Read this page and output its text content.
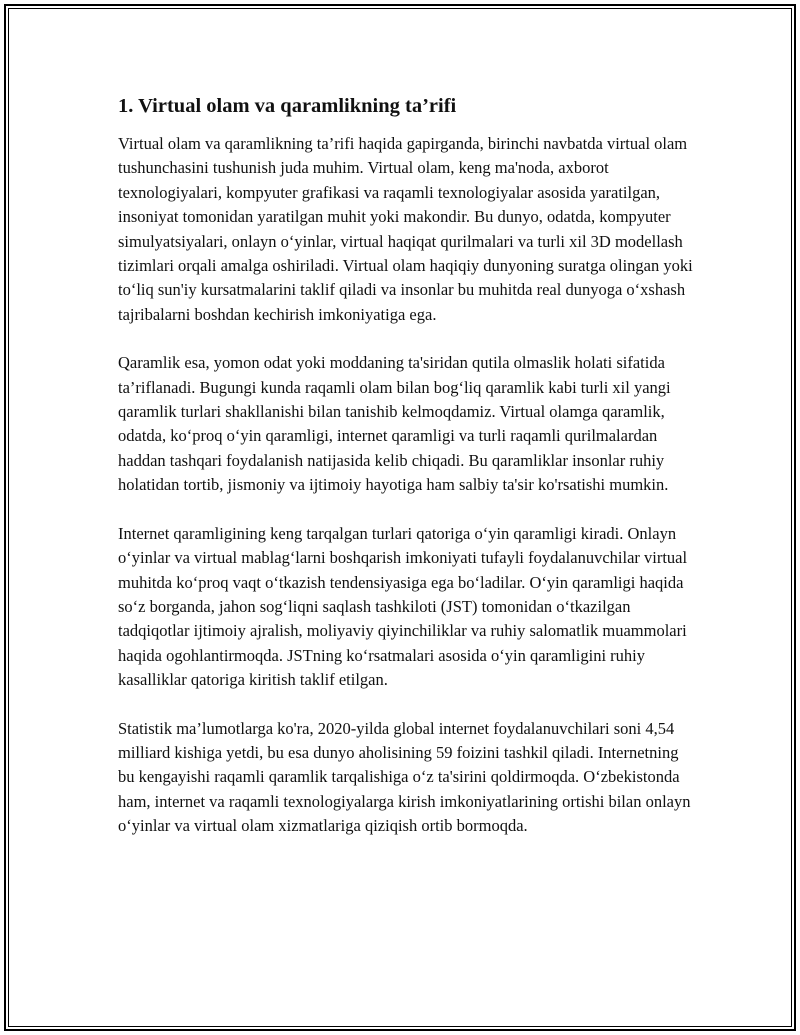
1. Virtual olam va qaramlikning ta’rifi

Virtual olam va qaramlikning ta’rifi haqida gapirganda, birinchi navbatda virtual olam tushunchasini tushunish juda muhim. Virtual olam, keng ma'noda, axborot texnologiyalari, kompyuter grafikasi va raqamli texnologiyalar asosida yaratilgan, insoniyat tomonidan yaratilgan muhit yoki makondir. Bu dunyo, odatda, kompyuter simulyatsiyalari, onlayn o‘yinlar, virtual haqiqat qurilmalari va turli xil 3D modellash tizimlari orqali amalga oshiriladi. Virtual olam haqiqiy dunyoning suratga olingan yoki to‘liq sun'iy kursatmalarini taklif qiladi va insonlar bu muhitda real dunyoga o‘xshash tajribalarni boshdan kechirish imkoniyatiga ega.

Qaramlik esa, yomon odat yoki moddaning ta'siridan qutila olmaslik holati sifatida ta’riflanadi. Bugungi kunda raqamli olam bilan bog‘liq qaramlik kabi turli xil yangi qaramlik turlari shakllanishi bilan tanishib kelmoqdamiz. Virtual olamga qaramlik, odatda, ko‘proq o‘yin qaramligi, internet qaramligi va turli raqamli qurilmalardan haddan tashqari foydalanish natijasida kelib chiqadi. Bu qaramliklar insonlar ruhiy holatidan tortib, jismoniy va ijtimoiy hayotiga ham salbiy ta'sir ko'rsatishi mumkin.

Internet qaramligining keng tarqalgan turlari qatoriga o‘yin qaramligi kiradi. Onlayn o‘yinlar va virtual mablag‘larni boshqarish imkoniyati tufayli foydalanuvchilar virtual muhitda ko‘proq vaqt o‘tkazish tendensiyasiga ega bo‘ladilar. O‘yin qaramligi haqida so‘z borganda, jahon sog‘liqni saqlash tashkiloti (JST) tomonidan o‘tkazilgan tadqiqotlar ijtimoiy ajralish, moliyaviy qiyinchiliklar va ruhiy salomatlik muammolari haqida ogohlantirmoqda. JSTning ko‘rsatmalari asosida o‘yin qaramligini ruhiy kasalliklar qatoriga kiritish taklif etilgan.

Statistik ma’lumotlarga ko'ra, 2020-yilda global internet foydalanuvchilari soni 4,54 milliard kishiga yetdi, bu esa dunyo aholisining 59 foizini tashkil qiladi. Internetning bu kengayishi raqamli qaramlik tarqalishiga o‘z ta'sirini qoldirmoqda. O‘zbekistonda ham, internet va raqamli texnologiyalarga kirish imkoniyatlarining ortishi bilan onlayn o‘yinlar va virtual olam xizmatlariga qiziqish ortib bormoqda.
